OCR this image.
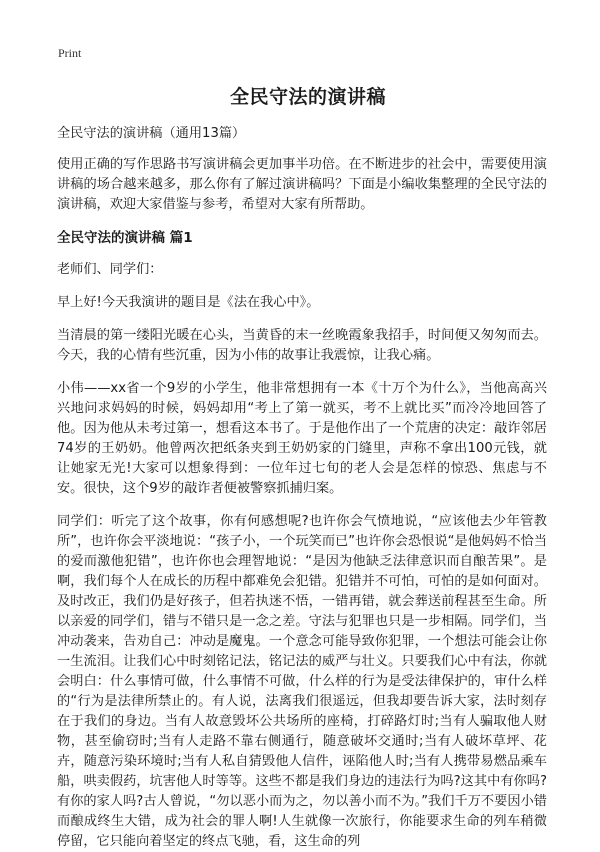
Print
全民守法的演讲稿

全民守法的演讲稿（通用13篇）

使用正确的写作思路书写演讲稿会更加事半功倍。在不断进步的社会中，需要使用演讲稿的场合越来越多，那么你有了解过演讲稿吗？下面是小编收集整理的全民守法的演讲稿，欢迎大家借鉴与参考，希望对大家有所帮助。

全民守法的演讲稿 篇1

老师们、同学们：

早上好!今天我演讲的题目是《法在我心中》。

当清晨的第一缕阳光暖在心头，当黄昏的末一丝晚霞象我招手，时间便又匆匆而去。今天，我的心情有些沉重，因为小伟的故事让我震惊，让我心痛。

小伟——xx省一个9岁的小学生，他非常想拥有一本《十万个为什么》，当他高高兴兴地问求妈妈的时候，妈妈却用“考上了第一就买，考不上就比买”而冷冷地回答了他。因为他从未考过第一，想看这本书了。于是他作出了一个荒唐的决定：敲诈邻居74岁的王奶奶。他曾两次把纸条夹到王奶奶家的门缝里，声称不拿出100元钱，就让她家无光!大家可以想象得到：一位年过七旬的老人会是怎样的惊恐、焦虑与不安。很快，这个9岁的敲诈者便被警察抓捕归案。

同学们：听完了这个故事，你有何感想呢?也许你会气愤地说，“应该他去少年管教所”，也许你会平淡地说：“孩子小，一个玩笑而已”也许你会恐恨说“是他妈妈不恰当的爱而激他犯错”，也许你也会理智地说：“是因为他缺乏法律意识而自酿苦果”。是啊，我们每个人在成长的历程中都难免会犯错。犯错并不可怕，可怕的是如何面对。及时改正，我们仍是好孩子，但若执迷不悟，一错再错，就会葬送前程甚至生命。所以亲爱的同学们，错与不错只是一念之差。守法与犯罪也只是一步相隔。同学们，当冲动袭来，告劝自己：冲动是魔鬼。一个意念可能导致你犯罪，一个想法可能会让你一生流泪。让我们心中时刻铭记法，铭记法的威严与壮义。只要我们心中有法，你就会明白：什么事情可做，什么事情不可做，什么样的行为是受法律保护的，审什么样的“行为是法律所禁止的。有人说，法离我们很遥远，但我却要告诉大家，法时刻存在于我们的身边。当有人故意毁坏公共场所的座椅，打碎路灯时;当有人骗取他人财物，甚至偷窃时;当有人走路不靠右侧通行，随意破坏交通时;当有人破坏草坪、花卉，随意污染环境时;当有人私自猜毁他人信件，诬陷他人时;当有人携带易燃品乘车船，哄卖假药，坑害他人时等等。这些不都是我们身边的违法行为吗?这其中有你吗?有你的家人吗?古人曾说，“勿以恶小而为之，勿以善小而不为。”我们千万不要因小错而酿成终生大错，成为社会的罪人啊!人生就像一次旅行，你能要求生命的列车稍微停留，它只能向着坚定的终点飞驰，看，这生命的列
